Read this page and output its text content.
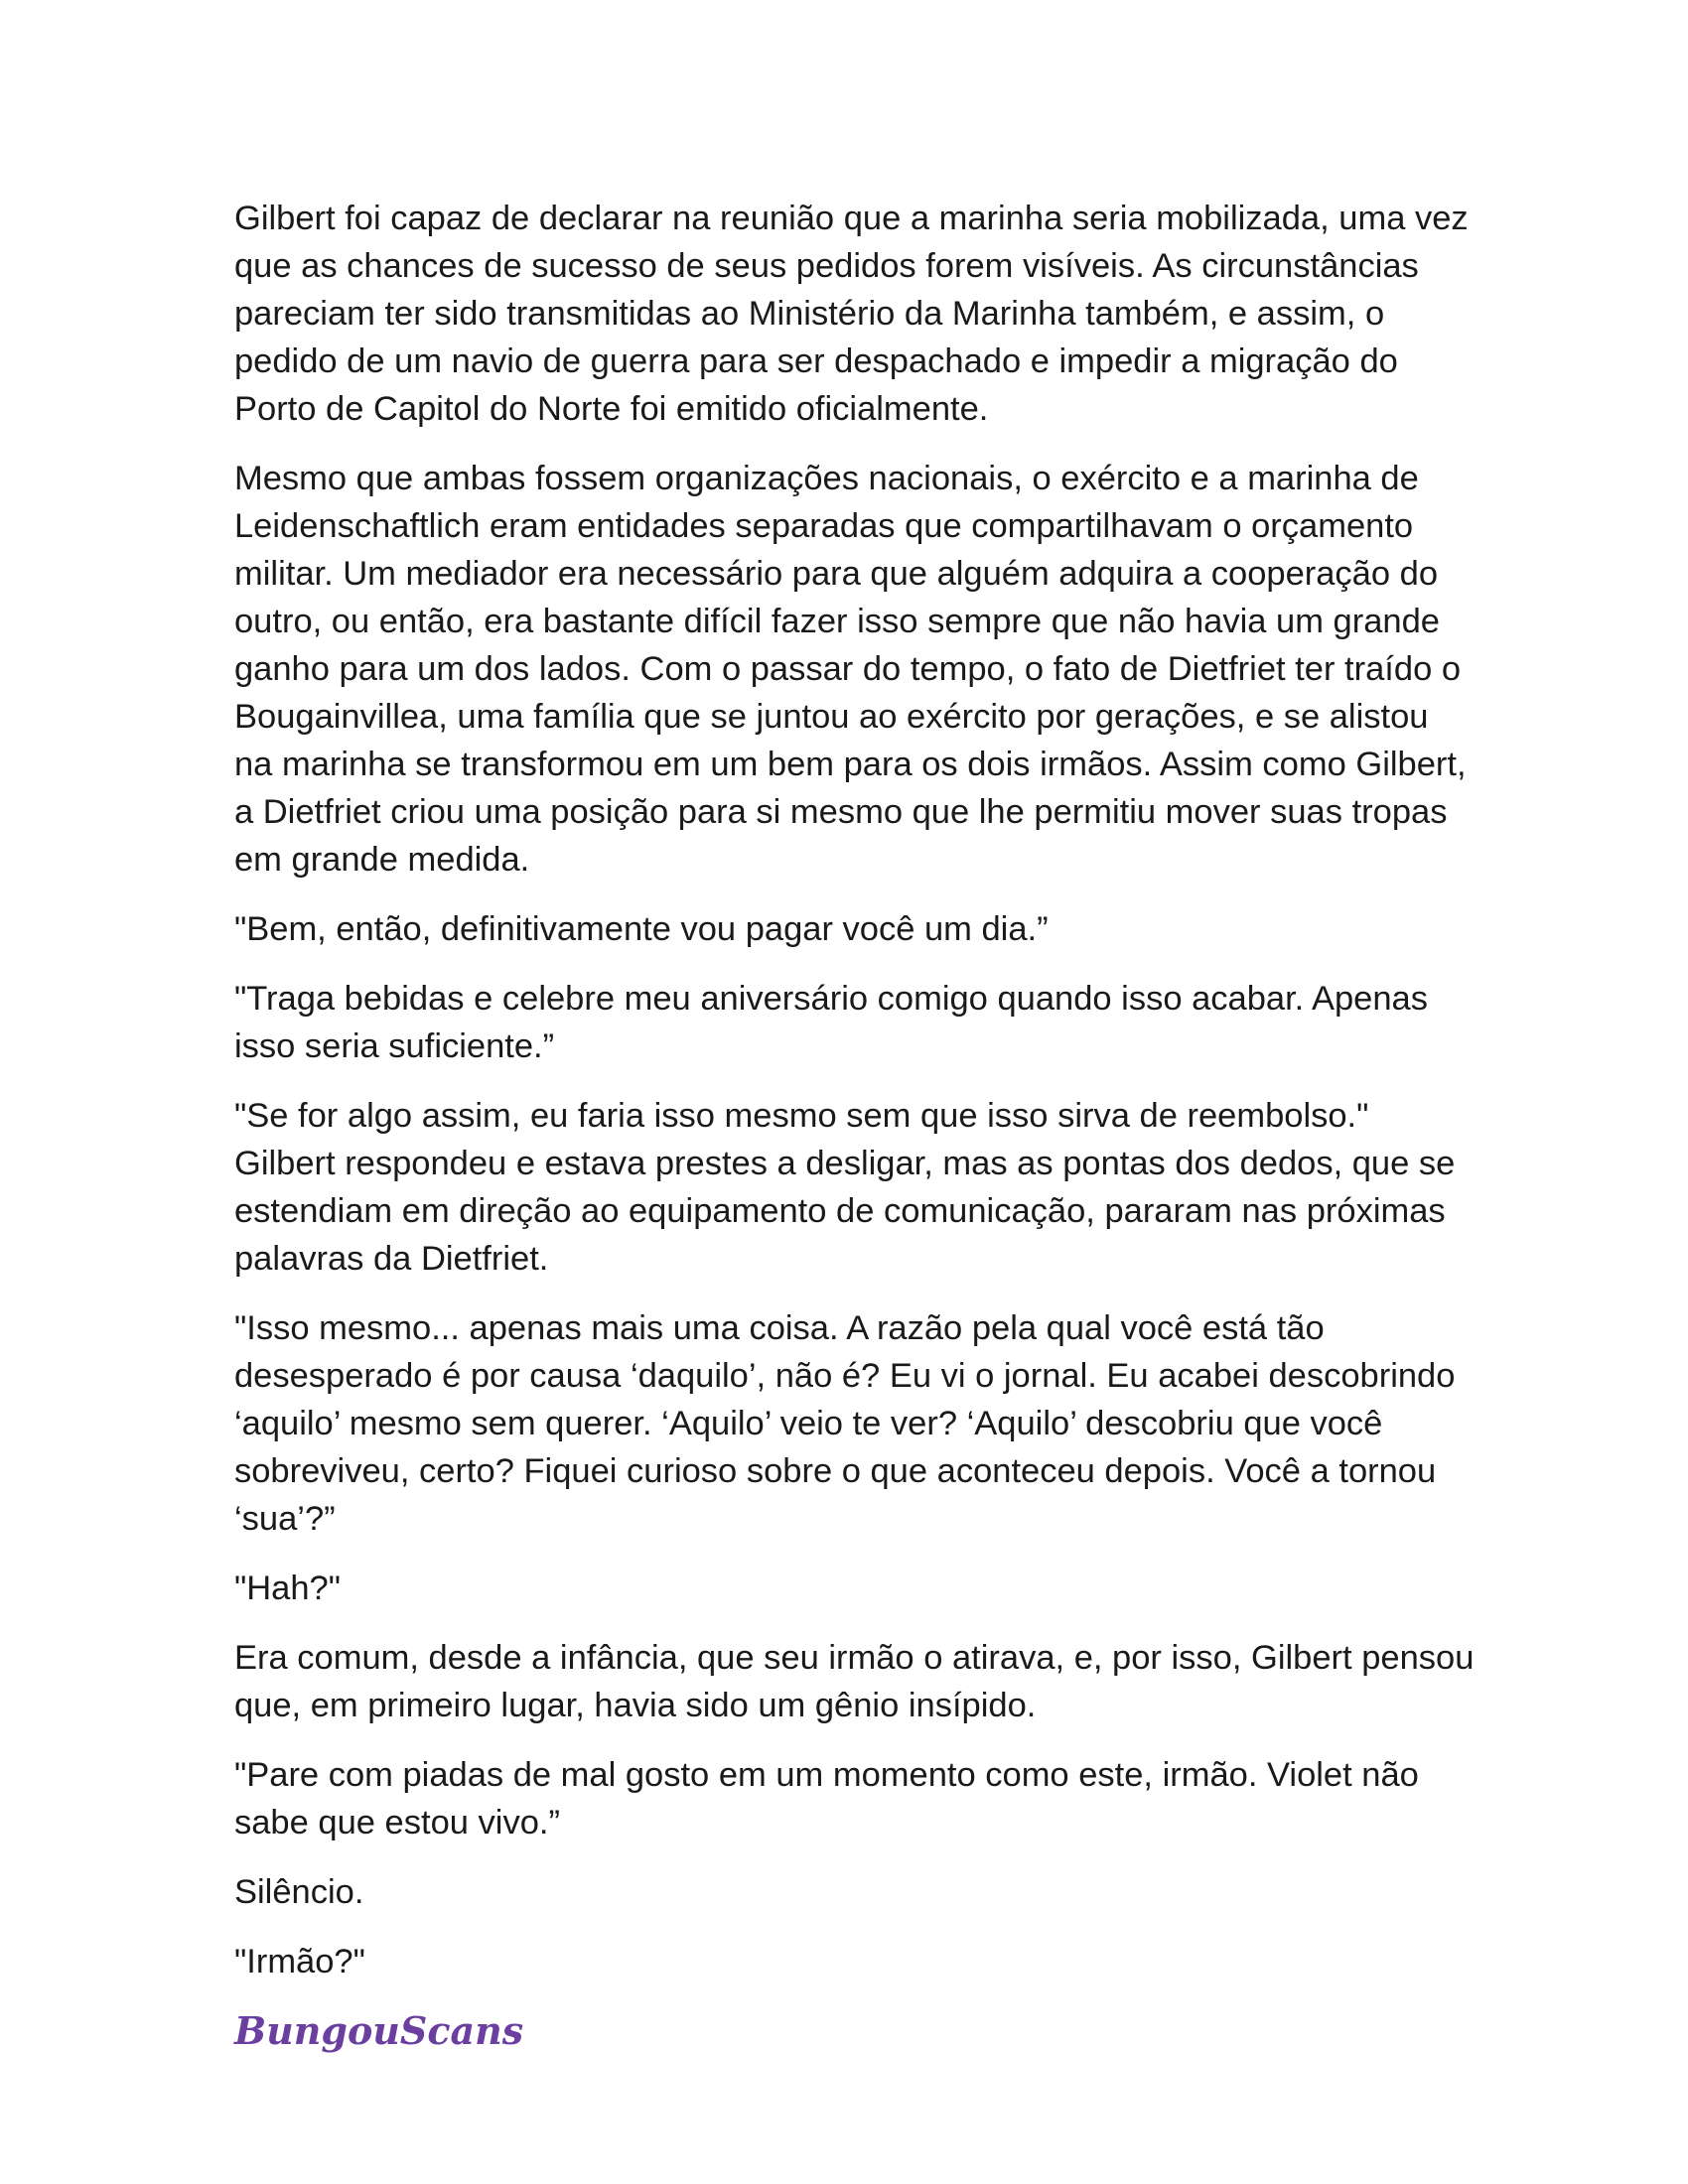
Gilbert foi capaz de declarar na reunião que a marinha seria mobilizada, uma vez que as chances de sucesso de seus pedidos forem visíveis. As circunstâncias pareciam ter sido transmitidas ao Ministério da Marinha também, e assim, o pedido de um navio de guerra para ser despachado e impedir a migração do Porto de Capitol do Norte foi emitido oficialmente.

Mesmo que ambas fossem organizações nacionais, o exército e a marinha de Leidenschaftlich eram entidades separadas que compartilhavam o orçamento militar. Um mediador era necessário para que alguém adquira a cooperação do outro, ou então, era bastante difícil fazer isso sempre que não havia um grande ganho para um dos lados. Com o passar do tempo, o fato de Dietfriet ter traído o Bougainvillea, uma família que se juntou ao exército por gerações, e se alistou na marinha se transformou em um bem para os dois irmãos. Assim como Gilbert, a Dietfriet criou uma posição para si mesmo que lhe permitiu mover suas tropas em grande medida.

"Bem, então, definitivamente vou pagar você um dia.”

"Traga bebidas e celebre meu aniversário comigo quando isso acabar. Apenas isso seria suficiente.”

"Se for algo assim, eu faria isso mesmo sem que isso sirva de reembolso." Gilbert respondeu e estava prestes a desligar, mas as pontas dos dedos, que se estendiam em direção ao equipamento de comunicação, pararam nas próximas palavras da Dietfriet.

"Isso mesmo... apenas mais uma coisa. A razão pela qual você está tão desesperado é por causa ‘daquilo’, não é? Eu vi o jornal. Eu acabei descobrindo ‘aquilo’ mesmo sem querer. ‘Aquilo’ veio te ver? ‘Aquilo’ descobriu que você sobreviveu, certo? Fiquei curioso sobre o que aconteceu depois. Você a tornou ‘sua’?”

"Hah?"

Era comum, desde a infância, que seu irmão o atirava, e, por isso, Gilbert pensou que, em primeiro lugar, havia sido um gênio insípido.

"Pare com piadas de mal gosto em um momento como este, irmão. Violet não sabe que estou vivo.”

Silêncio.

"Irmão?"

BungouScans
